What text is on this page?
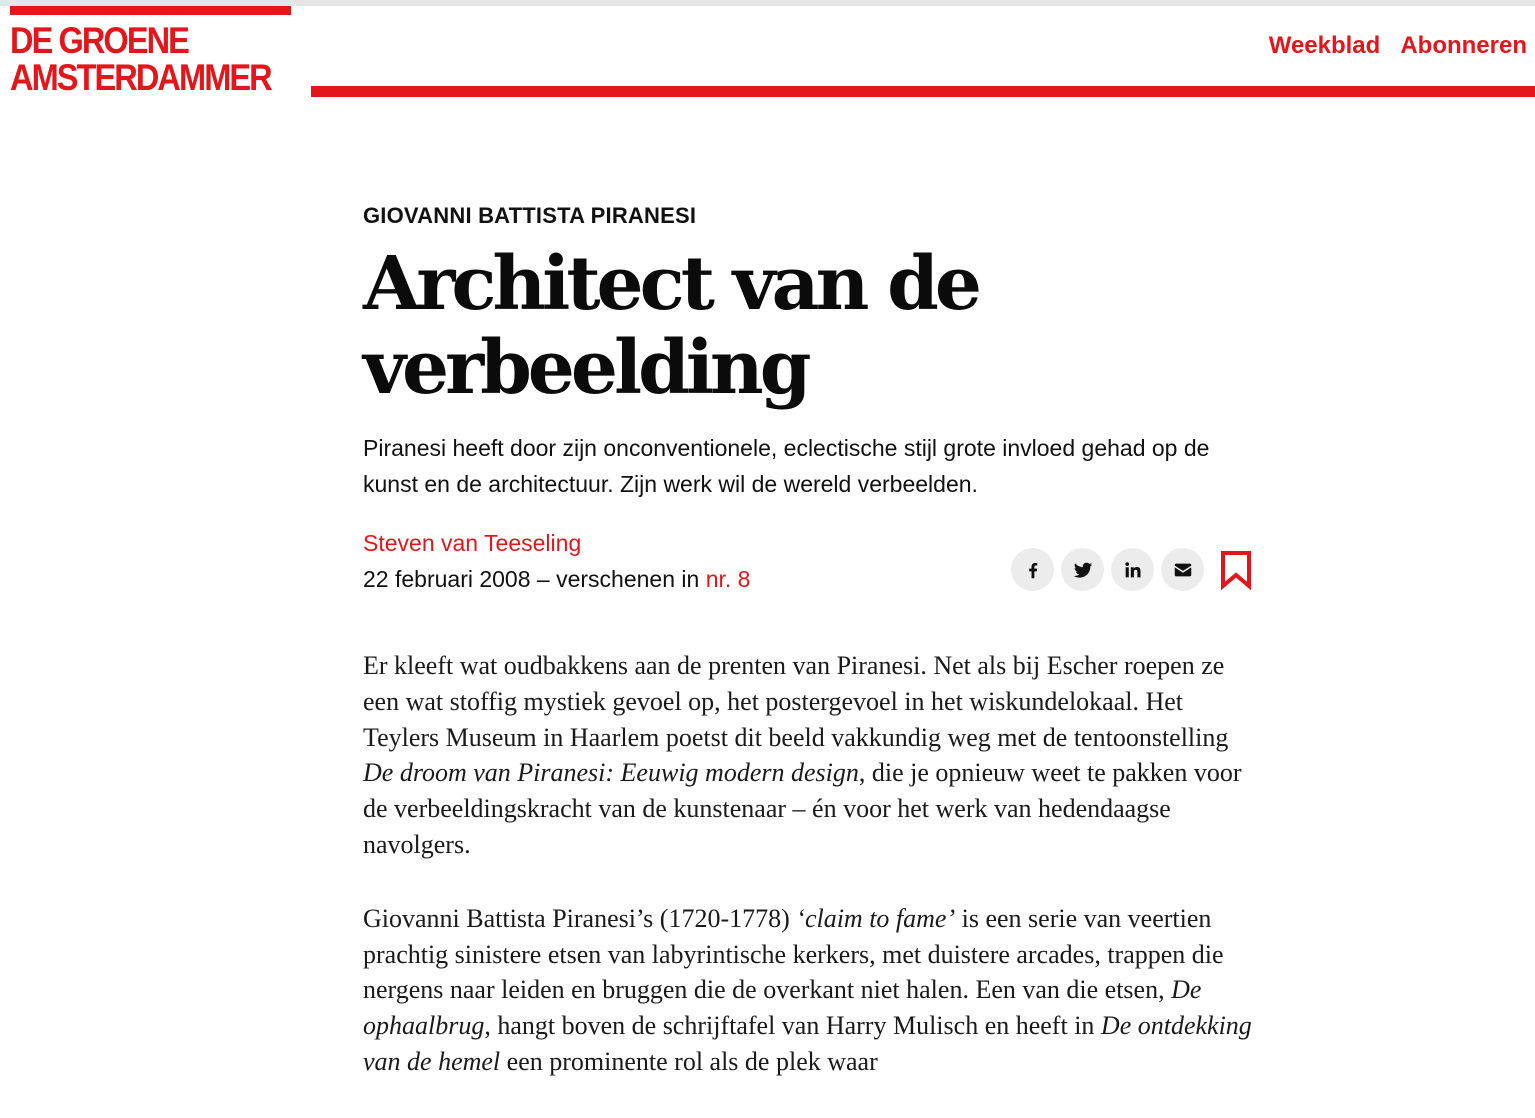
DE GROENE
AMSTERDAMMER
Weekblad Abonneren
GIOVANNI BATTISTA PIRANESI
Architect van de verbeelding

Piranesi heeft door zijn onconventionele, eclectische stijl grote invloed gehad op de kunst en de architectuur. Zijn werk wil de wereld verbeelden.

Steven van Teeseling
22 februari 2008 – verschenen in nr. 8

Er kleeft wat oudbakkens aan de prenten van Piranesi. Net als bij Escher roepen ze een wat stoffig mystiek gevoel op, het postergevoel in het wiskundelokaal. Het Teylers Museum in Haarlem poetst dit beeld vakkundig weg met de tentoonstelling De droom van Piranesi: Eeuwig modern design, die je opnieuw weet te pakken voor de verbeeldingskracht van de kunstenaar – én voor het werk van hedendaagse navolgers.

Giovanni Battista Piranesi’s (1720-1778) ‘claim to fame’ is een serie van veertien prachtig sinistere etsen van labyrintische kerkers, met duistere arcades, trappen die nergens naar leiden en bruggen die de overkant niet halen. Een van die etsen, De ophaalbrug, hangt boven de schrijftafel van Harry Mulisch en heeft in De ontdekking van de hemel een prominente rol als de plek waar
